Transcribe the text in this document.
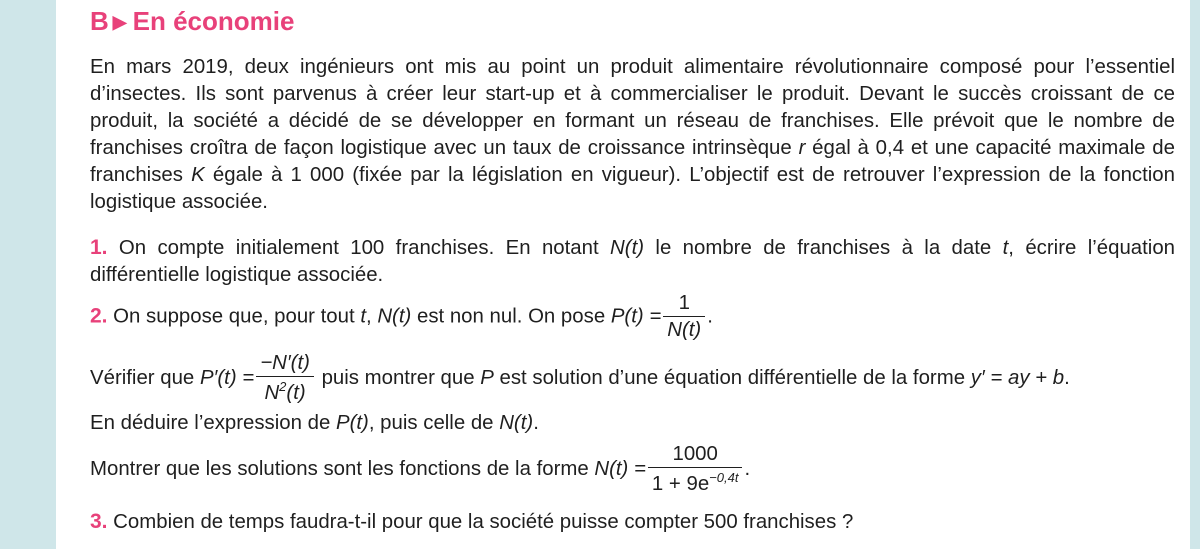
B ▶ En économie

En mars 2019, deux ingénieurs ont mis au point un produit alimentaire révolutionnaire composé pour l’essentiel d’insectes. Ils sont parvenus à créer leur start-up et à commercialiser le produit. Devant le succès croissant de ce produit, la société a décidé de se développer en formant un réseau de franchises. Elle prévoit que le nombre de franchises croîtra de façon logistique avec un taux de croissance intrinsèque r égal à 0,4 et une capacité maximale de franchises K égale à 1 000 (fixée par la législation en vigueur). L’objectif est de retrouver l’expression de la fonction logistique associée.

1. On compte initialement 100 franchises. En notant N(t) le nombre de franchises à la date t, écrire l’équation différentielle logistique associée.

2. On suppose que, pour tout t, N(t) est non nul. On pose $P(t) = \frac{1}{N(t)}$ .
Vérifier que $P'(t) = \frac{-N'(t)}{N^2(t)}$ puis montrer que P est solution d’une équation différentielle de la forme y′ = ay + b.
En déduire l’expression de P(t), puis celle de N(t).
Montrer que les solutions sont les fonctions de la forme $N(t) = \frac{1000}{1 + 9e^{-0,4t}}$ .
3. Combien de temps faudra-t-il pour que la société puisse compter 500 franchises ?
